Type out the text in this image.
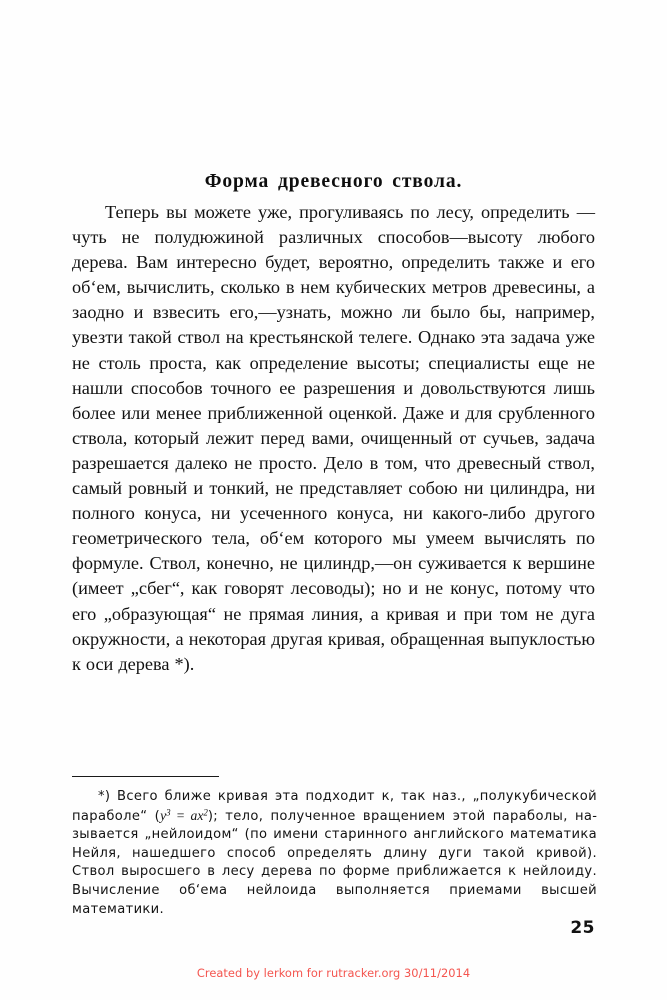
Форма древесного ствола.
Теперь вы можете уже, прогуливаясь по лесу, определить — чуть не полудюжиной различных способов—высоту любого дерева. Вам интересно будет, вероятно, определить также и его об‘ем, вычислить, сколько в нем кубических метров древесины, а заодно и взвесить его,—узнать, можно ли было бы, например, увезти такой ствол на крестьянской телеге. Однако эта задача уже не столь проста, как определение высоты; специалисты еще не нашли способов точного ее разрешения и довольствуются лишь более или менее приближенной оценкой. Даже и для срубленного ствола, который лежит перед вами, очищенный от сучьев, задача разрешается далеко не просто. Дело в том, что древесный ствол, самый ровный и тонкий, не представляет собою ни цилиндра, ни полного конуса, ни усеченного конуса, ни какого-либо другого геометрического тела, об‘ем которого мы умеем вычислять по формуле. Ствол, конечно, не цилиндр,—он суживается к вершине (имеет „сбег“, как говорят лесоводы); но и не конус, потому что его „образующая“ не прямая линия, а кривая и при том не дуга окружности, а некоторая другая кривая, обращенная выпуклостью к оси дерева *).
*) Всего ближе кривая эта подходит к, так наз., „полукубической параболе“ $(y^3 = ax^2)$; тело, полученное вращением этой параболы, называется „нейлоидом“ (по имени старинного английского математика Нейля, нашедшего способ определять длину дуги такой кривой). Ствол выросшего в лесу дерева по форме приближается к нейлоиду. Вычисление об‘ема нейлоида выполняется приемами высшей математики.
25
Created by lerkom for rutracker.org 30/11/2014
